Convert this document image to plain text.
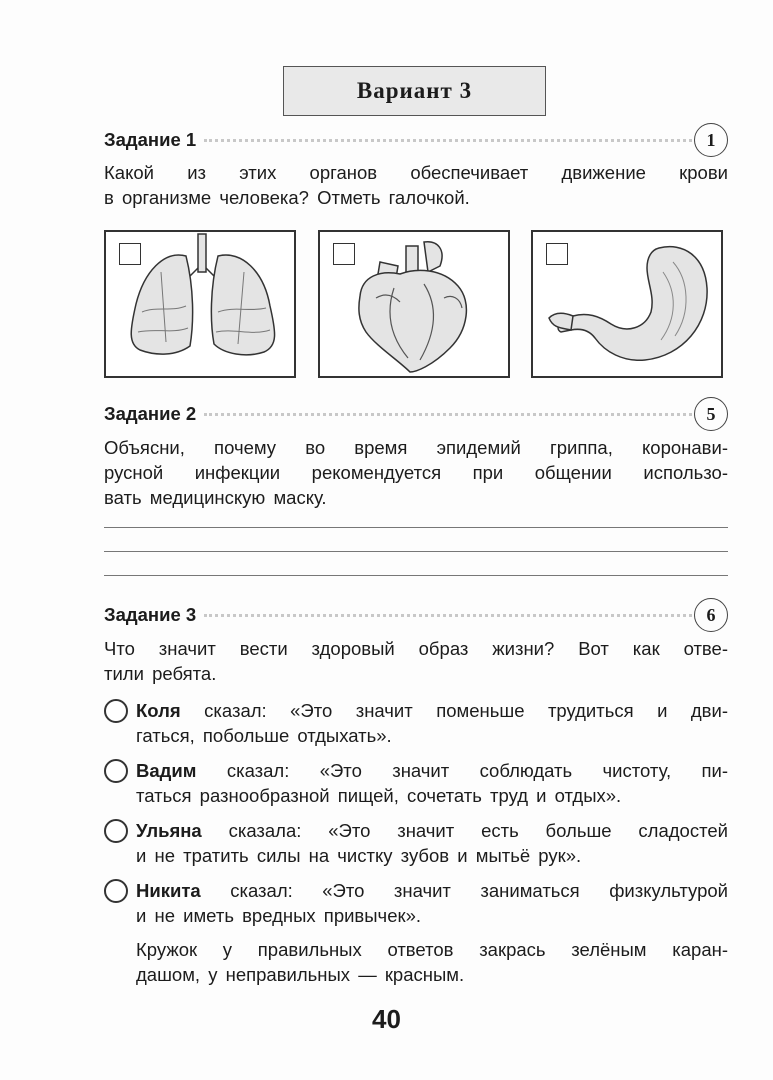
Вариант 3
Задание 1	1
Какой из этих органов обеспечивает движение крови
в организме человека? Отметь галочкой.
Задание 2	5
Объясни, почему во время эпидемий гриппа, коронави-
русной инфекции рекомендуется при общении использо-
вать медицинскую маску.
Задание 3	6
Что значит вести здоровый образ жизни? Вот как отве-
тили ребята.
Коля сказал: «Это значит поменьше трудиться и дви-
гаться, побольше отдыхать».
Вадим сказал: «Это значит соблюдать чистоту, пи-
таться разнообразной пищей, сочетать труд и отдых».
Ульяна сказала: «Это значит есть больше сладостей
и не тратить силы на чистку зубов и мытьё рук».
Никита сказал: «Это значит заниматься физкультурой
и не иметь вредных привычек».
Кружок у правильных ответов закрась зелёным каран-
дашом, у неправильных — красным.
40
